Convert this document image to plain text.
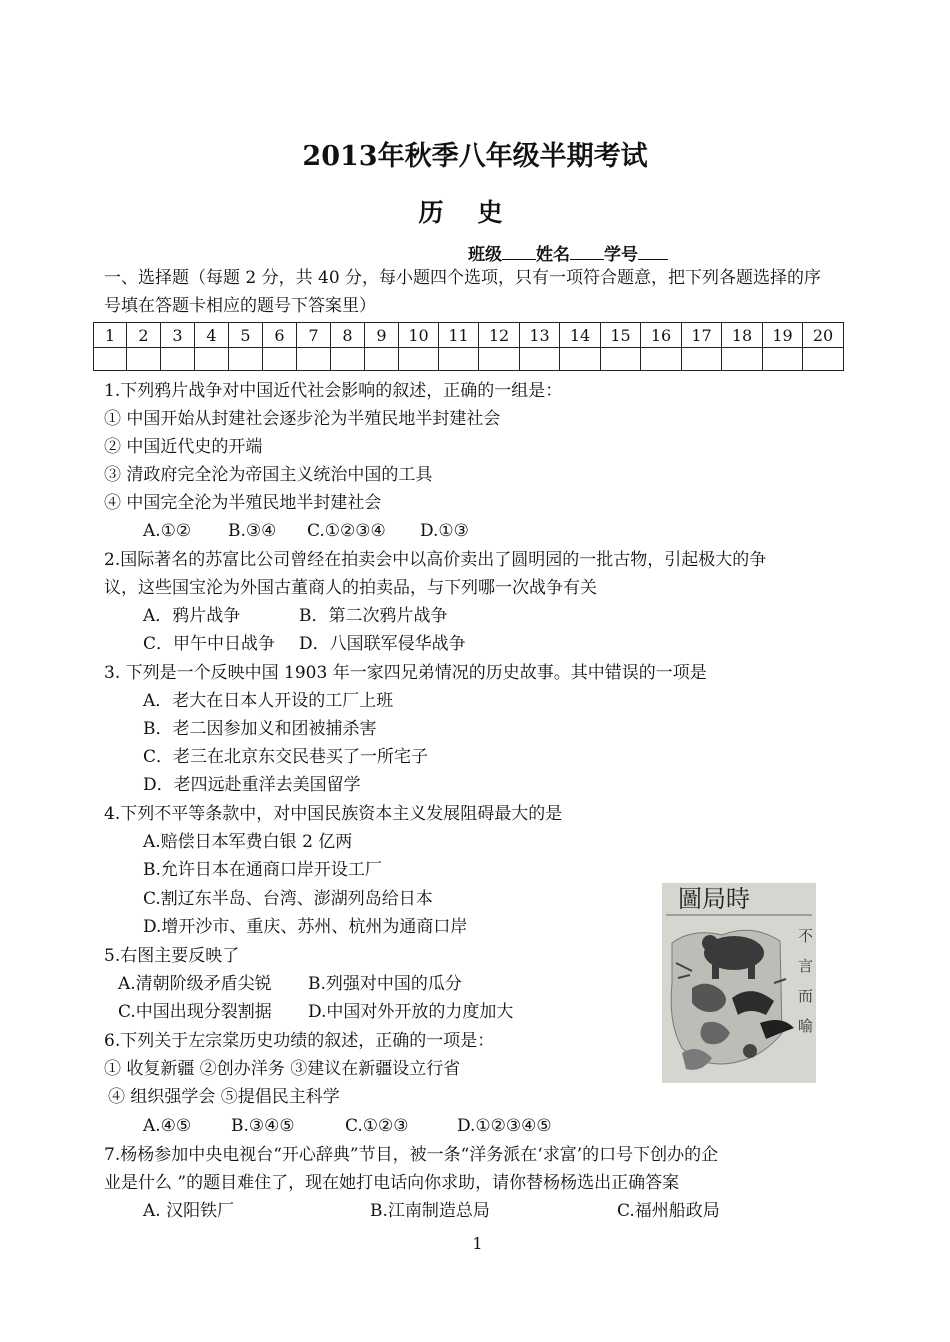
2013年秋季八年级半期考试
历史
班级 姓名 学号
一、选择题（每题 2 分，共 40 分，每小题四个选项，只有一项符合题意，把下列各题选择的序
号填在答题卡相应的题号下答案里）
1	2	3	4	5	6	7	8	9	10	11	12	13	14	15	16	17	18	19	20

1.下列鸦片战争对中国近代社会影响的叙述，正确的一组是：
① 中国开始从封建社会逐步沦为半殖民地半封建社会
② 中国近代史的开端
③ 清政府完全沦为帝国主义统治中国的工具
④ 中国完全沦为半殖民地半封建社会
A.①② B.③④ C.①②③④ D.①③
2.国际著名的苏富比公司曾经在拍卖会中以高价卖出了圆明园的一批古物，引起极大的争
议，这些国宝沦为外国古董商人的拍卖品，与下列哪一次战争有关
A．鸦片战争	B．第二次鸦片战争
C．甲午中日战争 D．八国联军侵华战争
3. 下列是一个反映中国 1903 年一家四兄弟情况的历史故事。其中错误的一项是
A．老大在日本人开设的工厂上班
B．老二因参加义和团被捕杀害
C．老三在北京东交民巷买了一所宅子
D．老四远赴重洋去美国留学
4.下列不平等条款中，对中国民族资本主义发展阻碍最大的是
A.赔偿日本军费白银 2 亿两
B.允许日本在通商口岸开设工厂
C.割辽东半岛、台湾、澎湖列岛给日本
D.增开沙市、重庆、苏州、杭州为通商口岸
5.右图主要反映了
A.清朝阶级矛盾尖锐 B.列强对中国的瓜分
C.中国出现分裂割据 D.中国对外开放的力度加大
6.下列关于左宗棠历史功绩的叙述，正确的一项是：
① 收复新疆 ②创办洋务 ③建议在新疆设立行省
④ 组织强学会 ⑤提倡民主科学
A.④⑤ B.③④⑤	C.①②③	D.①②③④⑤
7.杨杨参加中央电视台“开心辞典”节目，被一条“洋务派在‘求富’的口号下创办的企
业是什么 ”的题目难住了，现在她打电话向你求助，请你替杨杨选出正确答案
A. 汉阳铁厂	B.江南制造总局	C.福州船政局
圖局時
不
言
而
喻
1
